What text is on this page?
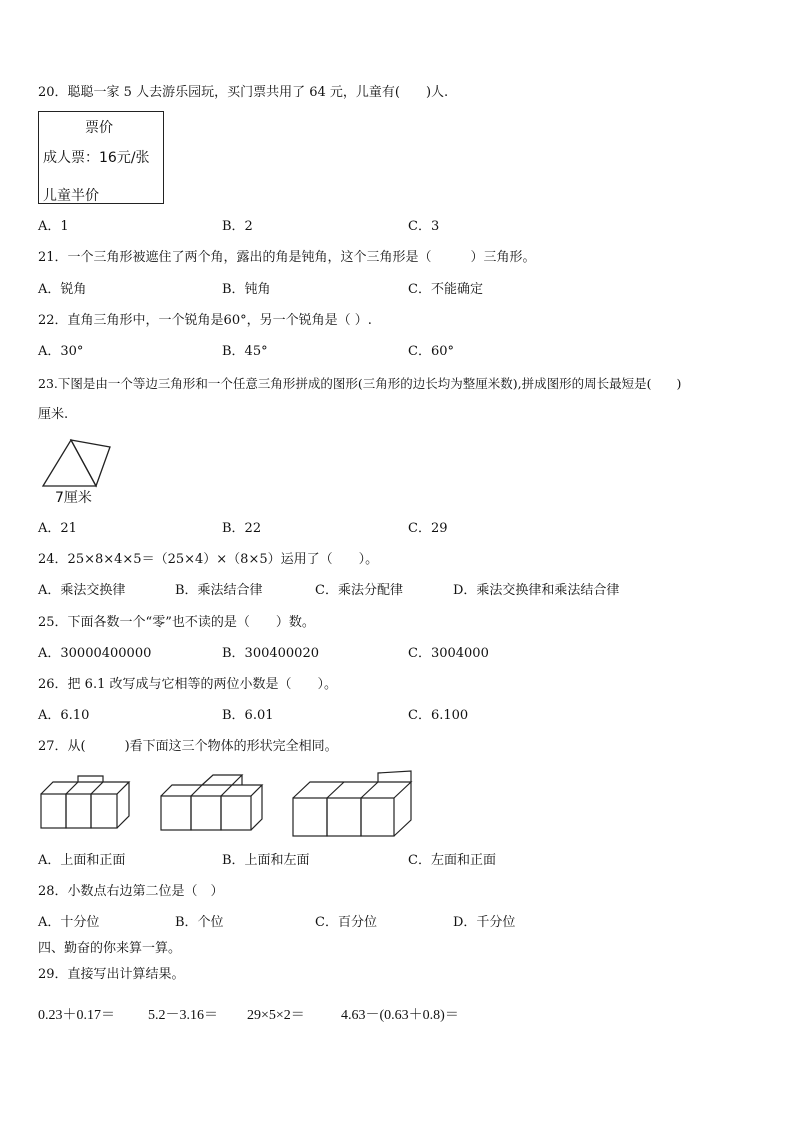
20．聪聪一家 5 人去游乐园玩，买门票共用了 64 元，儿童有(　　)人.
票价
成人票：16元/张
儿童半价
A．1	B．2	C．3
21．一个三角形被遮住了两个角，露出的角是钝角，这个三角形是（　　　）三角形。
A．锐角	B．钝角	C．不能确定
22．直角三角形中，一个锐角是60°，另一个锐角是（ ）.
A．30°	B．45°	C．60°
23.下图是由一个等边三角形和一个任意三角形拼成的图形(三角形的边长均为整厘米数),拼成图形的周长最短是(　　)
厘米.
7厘米
A．21	B．22	C．29
24．25×8×4×5＝（25×4）×（8×5）运用了（　　）。
A．乘法交换律	B．乘法结合律	C．乘法分配律	D．乘法交换律和乘法结合律
25．下面各数一个“零”也不读的是（　　）数。
A．30000400000	B．300400020	C．3004000
26．把 6.1 改写成与它相等的两位小数是（　　）。
A．6.10	B．6.01	C．6.100
27．从(　　　)看下面这三个物体的形状完全相同。
A．上面和正面	B．上面和左面	C．左面和正面
28．小数点右边第二位是（　）
A．十分位	B．个位	C．百分位	D．千分位
四、勤奋的你来算一算。
29．直接写出计算结果。
0.23＋0.17＝ 5.2－3.16＝ 29×5×2＝	4.63－(0.63＋0.8)＝
